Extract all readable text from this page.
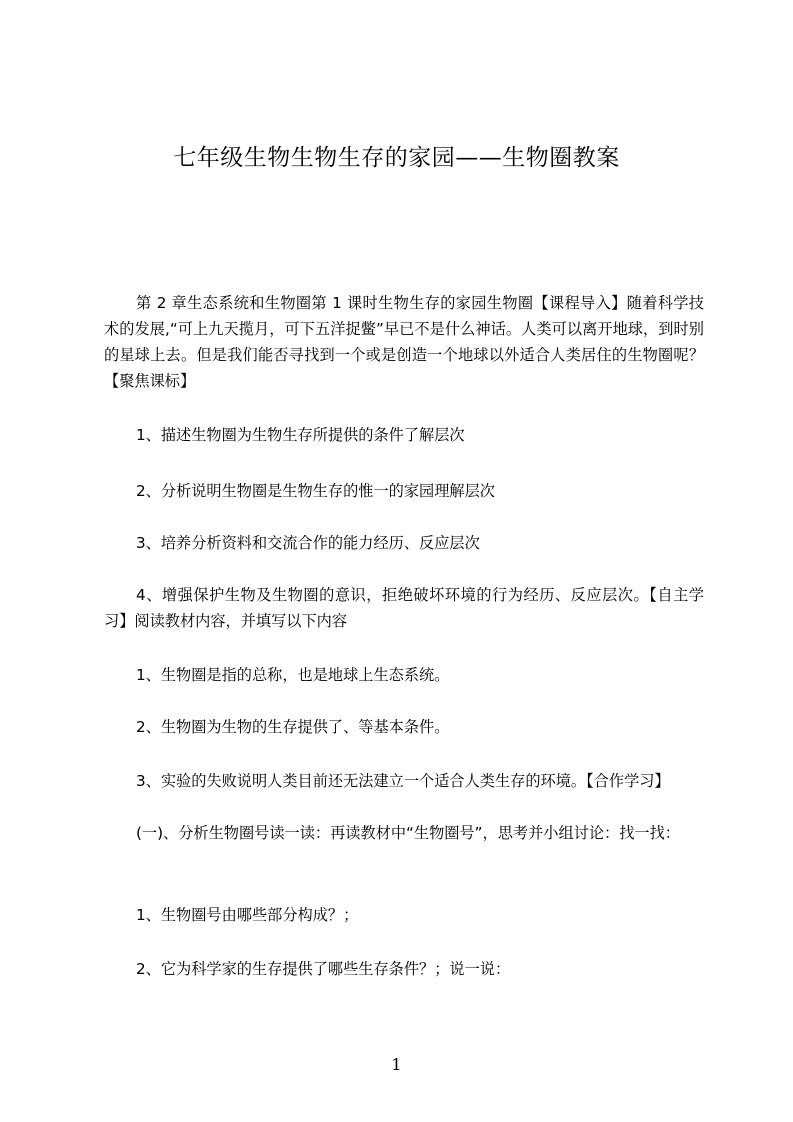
七年级生物生物生存的家园——生物圈教案

第 2 章生态系统和生物圈第 1 课时生物生存的家园生物圈【课程导入】随着科学技术的发展,“可上九天揽月，可下五洋捉鳖”早已不是什么神话。人类可以离开地球，到时别的星球上去。但是我们能否寻找到一个或是创造一个地球以外适合人类居住的生物圈呢？【聚焦课标】

1、描述生物圈为生物生存所提供的条件了解层次

2、分析说明生物圈是生物生存的惟一的家园理解层次

3、培养分析资料和交流合作的能力经历、反应层次

4、增强保护生物及生物圈的意识，拒绝破坏环境的行为经历、反应层次。【自主学习】阅读教材内容，并填写以下内容

1、生物圈是指的总称，也是地球上生态系统。

2、生物圈为生物的生存提供了、等基本条件。

3、实验的失败说明人类目前还无法建立一个适合人类生存的环境。【合作学习】

(一)、分析生物圈号读一读：再读教材中“生物圈号”，思考并小组讨论：找一找：

1、生物圈号由哪些部分构成？；

2、它为科学家的生存提供了哪些生存条件？；说一说：

1
